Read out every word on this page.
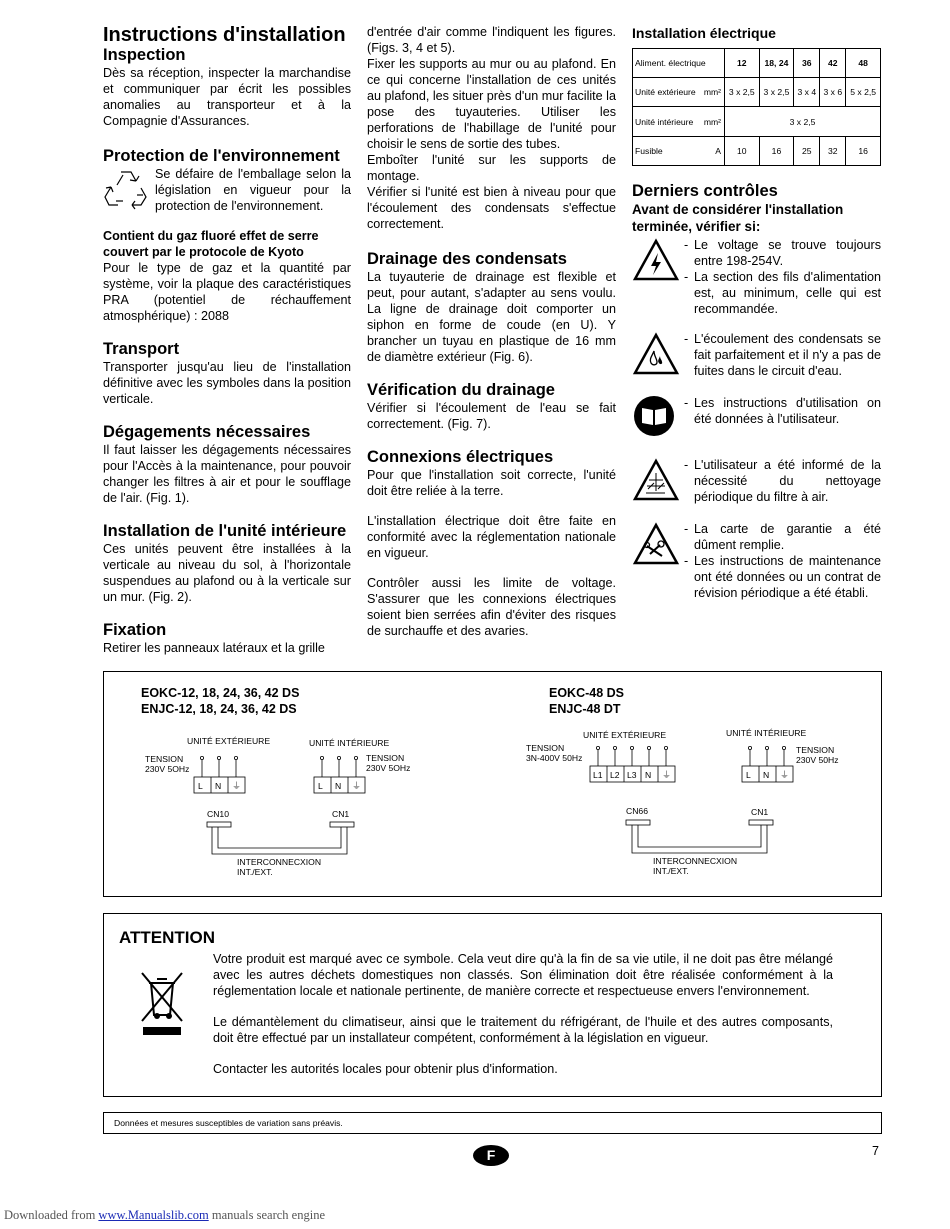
Instructions d'installation

Inspection

Dès sa réception, inspecter la marchandise et communiquer par écrit les possibles anomalies au transporteur et à la Compagnie d'Assurances.

Protection de l'environnement

Se défaire de l'emballage selon la législation en vigueur pour la protection de l'environnement.

Contient du gaz fluoré effet de serre couvert par le protocole de Kyoto

Pour le type de gaz et la quantité par système, voir la plaque des caractéristiques PRA (potentiel de réchauffement atmosphérique) : 2088

Transport

Transporter jusqu'au lieu de l'installation définitive avec les symboles dans la position verticale.

Dégagements nécessaires

Il faut laisser les dégagements nécessaires pour l'Accès à la maintenance, pour pouvoir changer les filtres à air et pour le soufflage de l'air. (Fig. 1).

Installation de l'unité intérieure

Ces unités peuvent être installées à la verticale au niveau du sol, à l'horizontale suspendues au plafond ou à la verticale sur un mur. (Fig. 2).

Fixation

Retirer les panneaux latéraux et la grille

d'entrée d'air comme l'indiquent les figures. (Figs. 3, 4 et 5).

Fixer les supports au mur ou au plafond. En ce qui concerne l'installation de ces unités au plafond, les situer près d'un mur facilite la pose des tuyauteries. Utiliser les perforations de l'habillage de l'unité pour choisir le sens de sortie des tubes.

Emboîter l'unité sur les supports de montage.

Vérifier si l'unité est bien à niveau pour que l'écoulement des condensats s'effectue correctement.

Drainage des condensats

La tuyauterie de drainage est flexible et peut, pour autant, s'adapter au sens voulu. La ligne de drainage doit comporter un siphon en forme de coude (en U). Y brancher un tuyau en plastique de 16 mm de diamètre extérieur (Fig. 6).

Vérification du drainage

Vérifier si l'écoulement de l'eau se fait correctement. (Fig. 7).

Connexions électriques

Pour que l'installation soit correcte, l'unité doit être reliée à la terre.

L'installation électrique doit être faite en conformité avec la réglementation nationale en vigueur.

Contrôler aussi les limite de voltage. S'assurer que les connexions électriques soient bien serrées afin d'éviter des risques de surchauffe et des avaries.

Installation électrique

Aliment. électrique	12	18, 24	36	42	48
Unité extérieure mm²	3 x 2,5	3 x 2,5	3 x 4	3 x 6	5 x 2,5
Unité intérieure mm²	3 x 2,5				
Fusible A	10	16	25	32	16

Derniers contrôles

Avant de considérer l'installation terminée, vérifier si:

- Le voltage se trouve toujours entre 198-254V.
- La section des fils d'alimentation est, au minimum, celle qui est recommandée.
- L'écoulement des condensats se fait parfaitement et il n'y a pas de fuites dans le circuit d'eau.
- Les instructions d'utilisation on été données à l'utilisateur.
- L'utilisateur a été informé de la nécessité du nettoyage périodique du filtre à air.
- La carte de garantie a été dûment remplie.
- Les instructions de maintenance ont été données ou un contrat de révision périodique a été établi.
EOKC-12, 18, 24, 36, 42 DS
ENJC-12, 18, 24, 36, 42 DS
UNITÉ EXTÉRIEURE	UNITÉ INTÉRIEURE
TENSION
230V 5OHz
TENSION
230V 5OHz
L N ⏚	L N ⏚
CN10	CN1
INTERCONNECXION
INT./EXT.
EOKC-48 DS
ENJC-48 DT
UNITÉ EXTÉRIEURE	UNITÉ INTÉRIEURE
TENSION
3N-400V 50Hz
TENSION
230V 50Hz
L1 L2 L3 N ⏚	L N ⏚
CN66	CN1
INTERCONNECXION
INT./EXT.
ATTENTION

Votre produit est marqué avec ce symbole. Cela veut dire qu'à la fin de sa vie utile, il ne doit pas être mélangé avec les autres déchets domestiques non classés. Son élimination doit être réalisée conformément à la réglementation locale et nationale pertinente, de manière correcte et respectueuse envers l'environnement.

Le démantèlement du climatiseur, ainsi que le traitement du réfrigérant, de l'huile et des autres composants, doit être effectué par un installateur compétent, conformément à la législation en vigueur.

Contacter les autorités locales pour obtenir plus d'information.

Données et mesures susceptibles de variation sans préavis.
F	7
Downloaded from www.Manualslib.com manuals search engine
